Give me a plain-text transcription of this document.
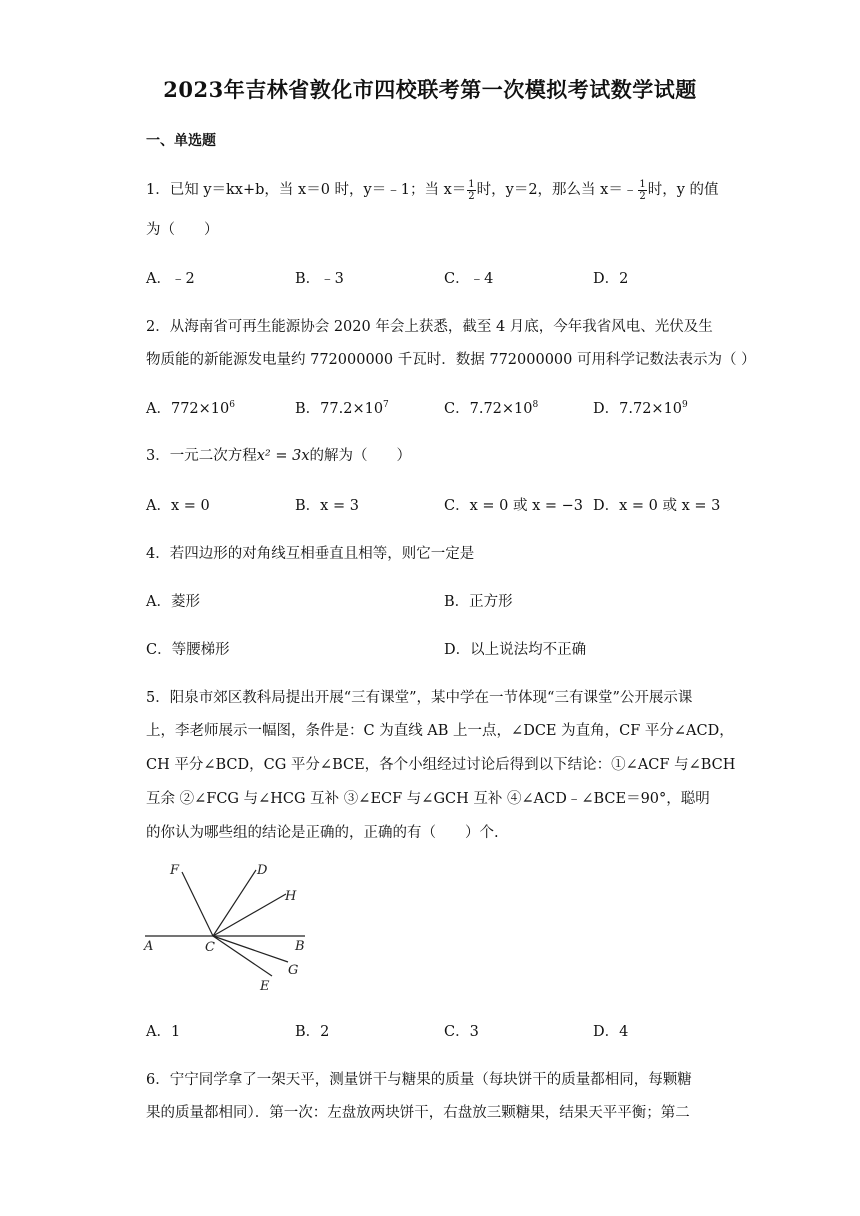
2023年吉林省敦化市四校联考第一次模拟考试数学试题
一、单选题
1．已知 y＝kx+b，当 x＝0 时，y＝﹣1；当 $x= \frac{1}{2}$ 时，y＝2，那么当 x＝﹣ $\frac{1}{2}$ 时，y 的值
为（　　）
A．﹣2	B．﹣3	C．﹣4	D．2
2．从海南省可再生能源协会 2020 年会上获悉，截至 4 月底，今年我省风电、光伏及生
物质能的新能源发电量约 772000000 千瓦时．数据 772000000 可用科学记数法表示为（ ）
A．$772\times 10^6$	B．$77.2\times 10^7$	C．$7.72\times 10^8$	D．$7.72\times 10^9$
3．一元二次方程x² = 3x的解为（　　）
A．x = 0	B．x = 3	C．x = 0 或 x = −3 D．x = 0 或 x = 3
4．若四边形的对角线互相垂直且相等，则它一定是
A．菱形	B．正方形
C．等腰梯形	D．以上说法均不正确
5．阳泉市郊区教科局提出开展“三有课堂”，某中学在一节体现“三有课堂”公开展示课
上，李老师展示一幅图，条件是：C 为直线 AB 上一点，∠DCE 为直角，CF 平分∠ACD，
CH 平分∠BCD，CG 平分∠BCE，各个小组经过讨论后得到以下结论：①∠ACF 与∠BCH
互余 ②∠FCG 与∠HCG 互补 ③∠ECF 与∠GCH 互补 ④∠ACD﹣∠BCE＝90°，聪明
的你认为哪些组的结论是正确的，正确的有（　　）个.
F	D
H
A	C	B
G
E
A．1	B．2	C．3	D．4
6．宁宁同学拿了一架天平，测量饼干与糖果的质量（每块饼干的质量都相同，每颗糖
果的质量都相同）．第一次：左盘放两块饼干，右盘放三颗糖果，结果天平平衡；第二
